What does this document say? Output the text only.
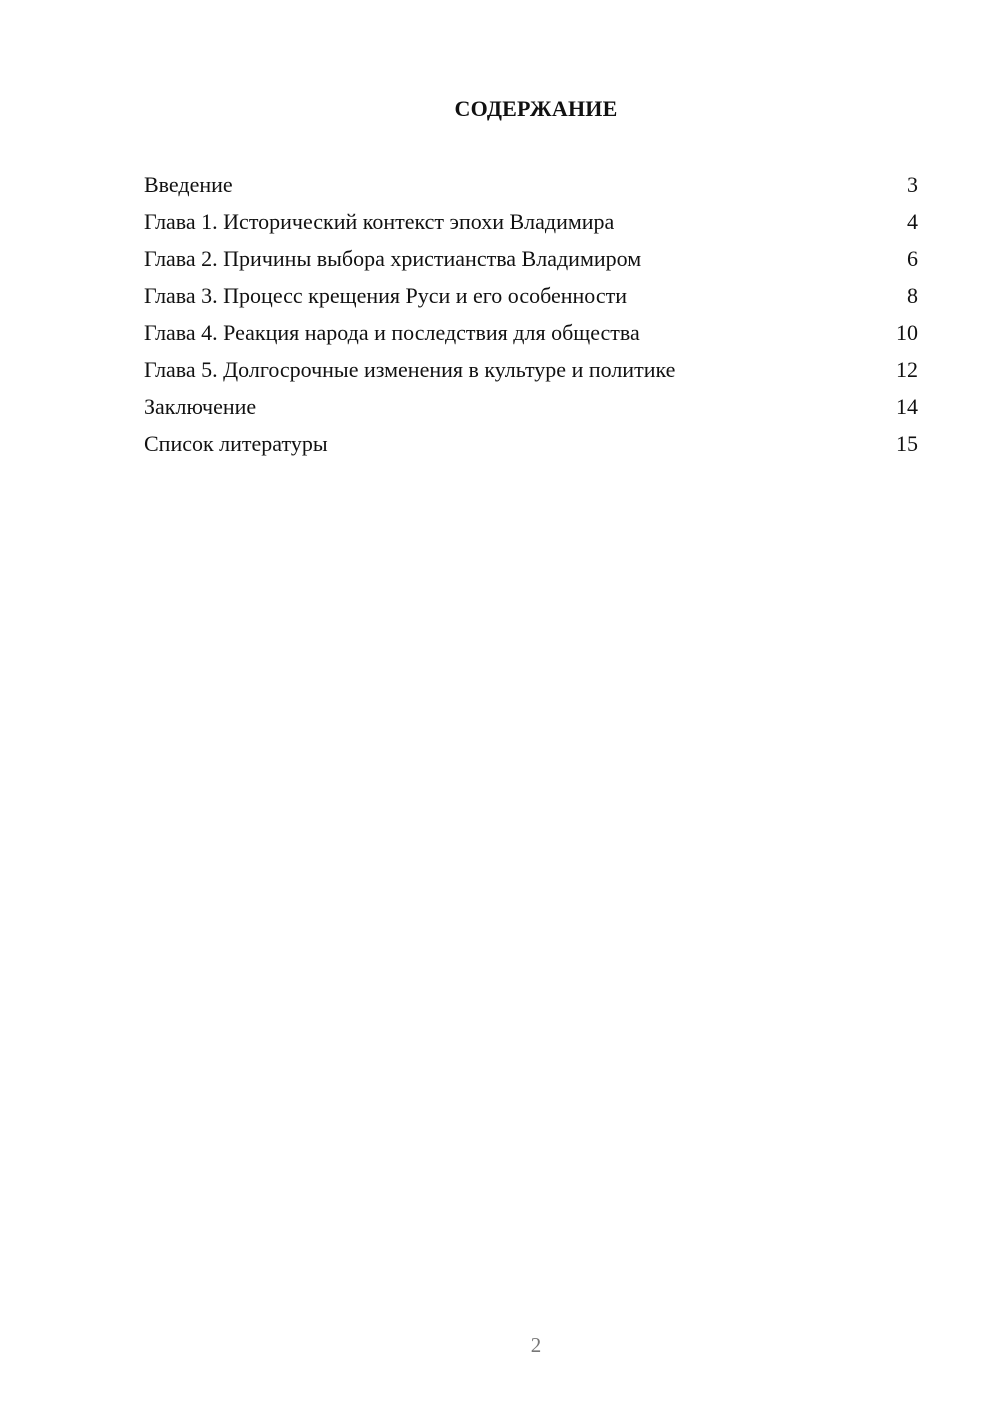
СОДЕРЖАНИЕ
Введение	3
Глава 1. Исторический контекст эпохи Владимира	4
Глава 2. Причины выбора христианства Владимиром	6
Глава 3. Процесс крещения Руси и его особенности	8
Глава 4. Реакция народа и последствия для общества	10
Глава 5. Долгосрочные изменения в культуре и политике	12
Заключение	14
Список литературы	15
2
